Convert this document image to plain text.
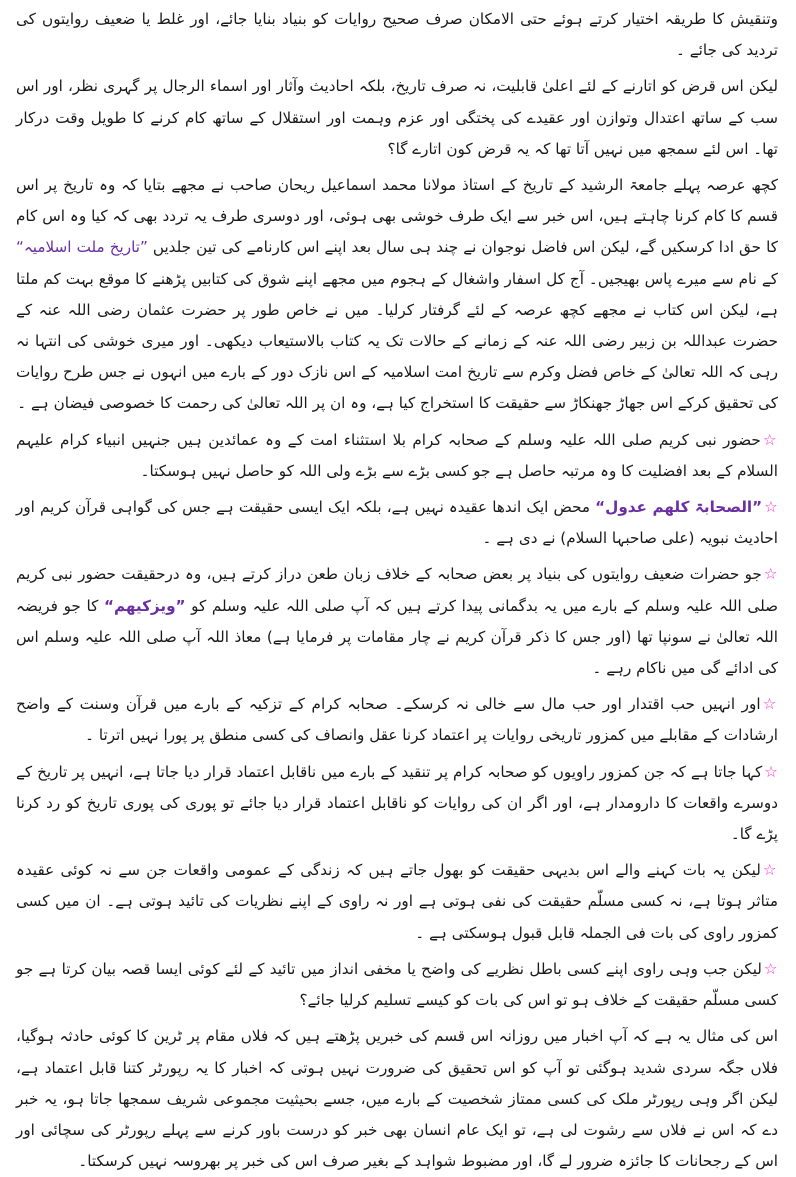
وتنقیش کا طریقہ اختیار کرتے ہوئے حتی الامکان صرف صحیح روایات کو بنیاد بنایا جائے، اور غلط یا ضعیف روایتوں کی تردید کی جائے ۔

لیکن اس قرض کو اتارنے کے لئے اعلیٰ قابلیت، نہ صرف تاریخ، بلکہ احادیث وآثار اور اسماء الرجال پر گہری نظر، اور اس سب کے ساتھ اعتدال وتوازن اور عقیدے کی پختگی اور عزم وہمت اور استقلال کے ساتھ کام کرنے کا طویل وقت درکار تھا۔ اس لئے سمجھ میں نہیں آتا تھا کہ یہ قرض کون اتارے گا؟

کچھ عرصہ پہلے جامعۃ الرشید کے تاریخ کے استاذ مولانا محمد اسماعیل ریحان صاحب نے مجھے بتایا کہ وہ تاریخ پر اس قسم کا کام کرنا چاہتے ہیں، اس خبر سے ایک طرف خوشی بھی ہوئی، اور دوسری طرف یہ تردد بھی کہ کیا وہ اس کام کا حق ادا کرسکیں گے، لیکن اس فاضل نوجوان نے چند ہی سال بعد اپنے اس کارنامے کی تین جلدیں ”تاریخ ملت اسلامیہ“ کے نام سے میرے پاس بھیجیں۔ آج کل اسفار واشغال کے ہجوم میں مجھے اپنے شوق کی کتابیں پڑھنے کا موقع بہت کم ملتا ہے، لیکن اس کتاب نے مجھے کچھ عرصہ کے لئے گرفتار کرلیا۔ میں نے خاص طور پر حضرت عثمان رضی اللہ عنہ کے حضرت عبداللہ بن زبیر رضی اللہ عنہ کے زمانے کے حالات تک یہ کتاب بالاستیعاب دیکھی۔ اور میری خوشی کی انتہا نہ رہی کہ اللہ تعالیٰ کے خاص فضل وکرم سے تاریخ امت اسلامیہ کے اس نازک دور کے بارے میں انہوں نے جس طرح روایات کی تحقیق کرکے اس جھاڑ جھنکاڑ سے حقیقت کا استخراج کیا ہے، وہ ان پر اللہ تعالیٰ کی رحمت کا خصوصی فیضان ہے ۔

☆حضور نبی کریم صلی اللہ علیہ وسلم کے صحابہ کرام بلا استثناء امت کے وہ عمائدین ہیں جنہیں انبیاء کرام علیہم السلام کے بعد افضلیت کا وہ مرتبہ حاصل ہے جو کسی بڑے سے بڑے ولی اللہ کو حاصل نہیں ہوسکتا۔

☆”الصحابۃ کلھم عدول“ محض ایک اندھا عقیدہ نہیں ہے، بلکہ ایک ایسی حقیقت ہے جس کی گواہی قرآن کریم اور احادیث نبویہ (علی صاحبہا السلام) نے دی ہے ۔

☆جو حضرات ضعیف روایتوں کی بنیاد پر بعض صحابہ کے خلاف زبان طعن دراز کرتے ہیں، وہ درحقیقت حضور نبی کریم صلی اللہ علیہ وسلم کے بارے میں یہ بدگمانی پیدا کرتے ہیں کہ آپ صلی اللہ علیہ وسلم کو ”ویزکیھم“ کا جو فریضہ اللہ تعالیٰ نے سونپا تھا (اور جس کا ذکر قرآن کریم نے چار مقامات پر فرمایا ہے) معاذ اللہ آپ صلی اللہ علیہ وسلم اس کی ادائے گی میں ناکام رہے ۔

☆اور انہیں حب اقتدار اور حب مال سے خالی نہ کرسکے۔ صحابہ کرام کے تزکیہ کے بارے میں قرآن وسنت کے واضح ارشادات کے مقابلے میں کمزور تاریخی روایات پر اعتماد کرنا عقل وانصاف کی کسی منطق پر پورا نہیں اترتا ۔

☆کہا جاتا ہے کہ جن کمزور راویوں کو صحابہ کرام پر تنقید کے بارے میں ناقابل اعتماد قرار دیا جاتا ہے، انہیں پر تاریخ کے دوسرے واقعات کا دارومدار ہے، اور اگر ان کی روایات کو ناقابل اعتماد قرار دیا جائے تو پوری کی پوری تاریخ کو رد کرنا پڑے گا۔

☆لیکن یہ بات کہنے والے اس بدیہی حقیقت کو بھول جاتے ہیں کہ زندگی کے عمومی واقعات جن سے نہ کوئی عقیدہ متاثر ہوتا ہے، نہ کسی مسلّم حقیقت کی نفی ہوتی ہے اور نہ راوی کے اپنے نظریات کی تائید ہوتی ہے۔ ان میں کسی کمزور راوی کی بات فی الجملہ قابل قبول ہوسکتی ہے ۔

☆لیکن جب وہی راوی اپنے کسی باطل نظریے کی واضح یا مخفی انداز میں تائید کے لئے کوئی ایسا قصہ بیان کرتا ہے جو کسی مسلّم حقیقت کے خلاف ہو تو اس کی بات کو کیسے تسلیم کرلیا جائے؟

اس کی مثال یہ ہے کہ آپ اخبار میں روزانہ اس قسم کی خبریں پڑھتے ہیں کہ فلاں مقام پر ٹرین کا کوئی حادثہ ہوگیا، فلاں جگہ سردی شدید ہوگئی تو آپ کو اس تحقیق کی ضرورت نہیں ہوتی کہ اخبار کا یہ رپورٹر کتنا قابل اعتماد ہے، لیکن اگر وہی رپورٹر ملک کی کسی ممتاز شخصیت کے بارے میں، جسے بحیثیت مجموعی شریف سمجھا جاتا ہو، یہ خبر دے کہ اس نے فلاں سے رشوت لی ہے، تو ایک عام انسان بھی خبر کو درست باور کرنے سے پہلے رپورٹر کی سچائی اور اس کے رجحانات کا جائزہ ضرور لے گا، اور مضبوط شواہد کے بغیر صرف اس کی خبر پر بھروسہ نہیں کرسکتا۔
